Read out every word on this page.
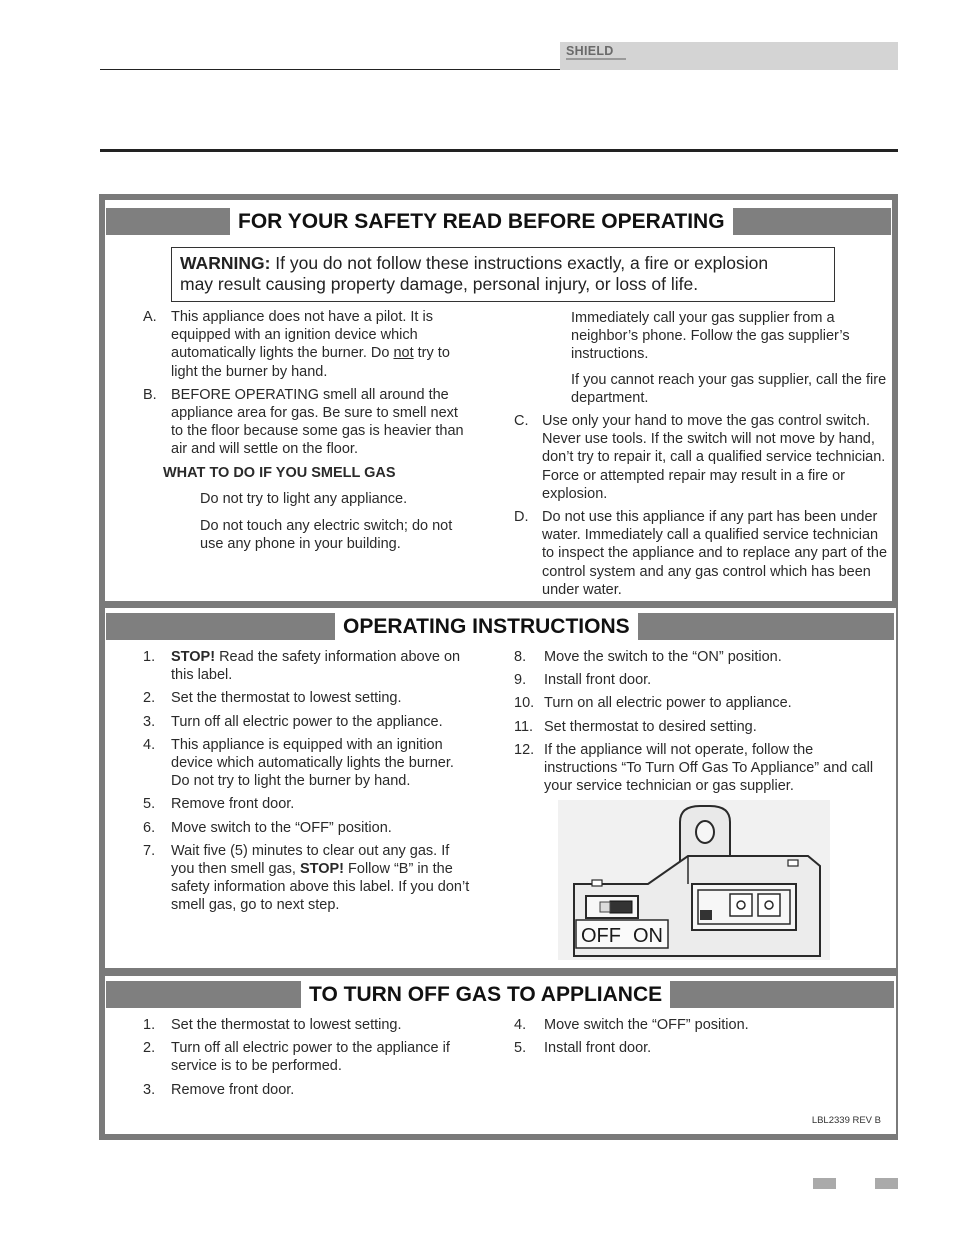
SHIELD
FOR YOUR SAFETY READ BEFORE OPERATING
WARNING: If you do not follow these instructions exactly, a fire or explosion
may result causing property damage, personal injury, or loss of life.
A. This appliance does not have a pilot. It is equipped with an ignition device which automatically lights the burner. Do not try to light the burner by hand.
B. BEFORE OPERATING smell all around the appliance area for gas. Be sure to smell next to the floor because some gas is heavier than air and will settle on the floor.
WHAT TO DO IF YOU SMELL GAS
Do not try to light any appliance.
Do not touch any electric switch; do not use any phone in your building.
Immediately call your gas supplier from a neighbor’s phone. Follow the gas supplier’s instructions.
If you cannot reach your gas supplier, call the fire department.
C. Use only your hand to move the gas control switch. Never use tools. If the switch will not move by hand, don’t try to repair it, call a qualified service technician. Force or attempted repair may result in a fire or explosion.
D. Do not use this appliance if any part has been under water. Immediately call a qualified service technician to inspect the appliance and to replace any part of the control system and any gas control which has been under water.
OPERATING INSTRUCTIONS
1. STOP! Read the safety information above on this label.
2. Set the thermostat to lowest setting.
3. Turn off all electric power to the appliance.
4. This appliance is equipped with an ignition device which automatically lights the burner. Do not try to light the burner by hand.
5. Remove front door.
6. Move switch to the “OFF” position.
7. Wait five (5) minutes to clear out any gas. If you then smell gas, STOP! Follow “B” in the safety information above this label. If you don’t smell gas, go to next step.
8. Move the switch to the “ON” position.
9. Install front door.
10. Turn on all electric power to appliance.
11. Set thermostat to desired setting.
12. If the appliance will not operate, follow the instructions “To Turn Off Gas To Appliance” and call your service technician or gas supplier.
OFF ON
TO TURN OFF GAS TO APPLIANCE
1. Set the thermostat to lowest setting.
2. Turn off all electric power to the appliance if service is to be performed.
3. Remove front door.
4. Move switch the “OFF” position.
5. Install front door.
LBL2339 REV B
